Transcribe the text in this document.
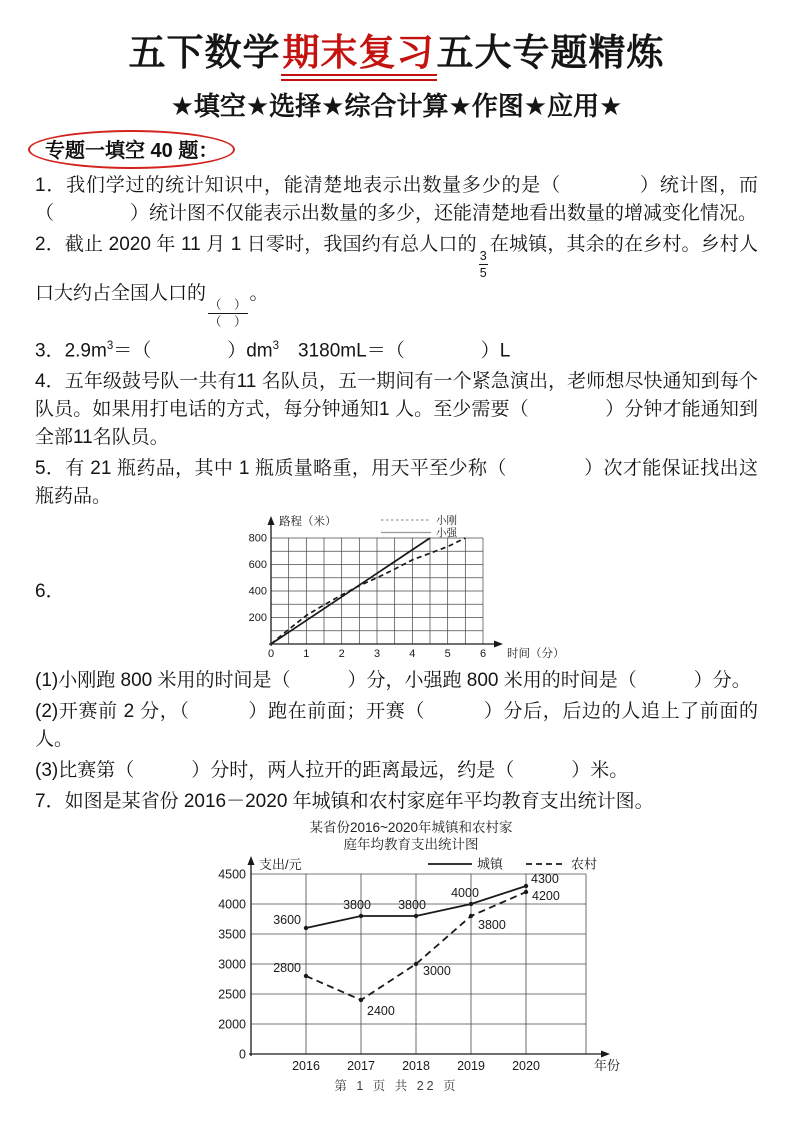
五下数学期末复习五大专题精炼
★填空★选择★综合计算★作图★应用★
专题一填空 40 题：

1．我们学过的统计知识中，能清楚地表示出数量多少的是（　　　　）统计图，而（　　　　）统计图不仅能表示出数量的多少，还能清楚地看出数量的增减变化情况。

2．截止 2020 年 11 月 1 日零时，我国约有总人口的
$\frac{3}{5}$
在城镇，其余的在乡村。乡村人口大约占全国人口的
$\frac{( )}{( )}$
。

3．$2.9m^3=$（　　　　）$dm^3$　3180mL＝（　　　　）L

4．五年级鼓号队一共有11 名队员，五一期间有一个紧急演出，老师想尽快通知到每个队员。如果用打电话的方式，每分钟通知1 人。至少需要（　　　　）分钟才能通知到全部11名队员。

5．有 21 瓶药品，其中 1 瓶质量略重，用天平至少称（　　　　）次才能保证找出这瓶药品。

6．
200
400
600
800
0	1	2	3	4	5	6
路程（米）
时间（分）
小刚
小强

(1)小刚跑 800 米用的时间是（　　　）分，小强跑 800 米用的时间是（　　　）分。

(2)开赛前 2 分，（　　　）跑在前面；开赛（　　　）分后，后边的人追上了前面的人。

(3)比赛第（　　　）分时，两人拉开的距离最远，约是（　　　）米。

7．如图是某省份 2016－2020 年城镇和农村家庭年平均教育支出统计图。

某省份2016~2020年城镇和农村家
庭年均教育支出统计图
0
2000
2500
3000
3500
4000
4500
2016 2017 2018 2019 2020
支出/元
年份
城镇	农村
3600
3800 3800
4000
4300
2800
2400
3000
3800
4200
第 1 页 共 22 页
